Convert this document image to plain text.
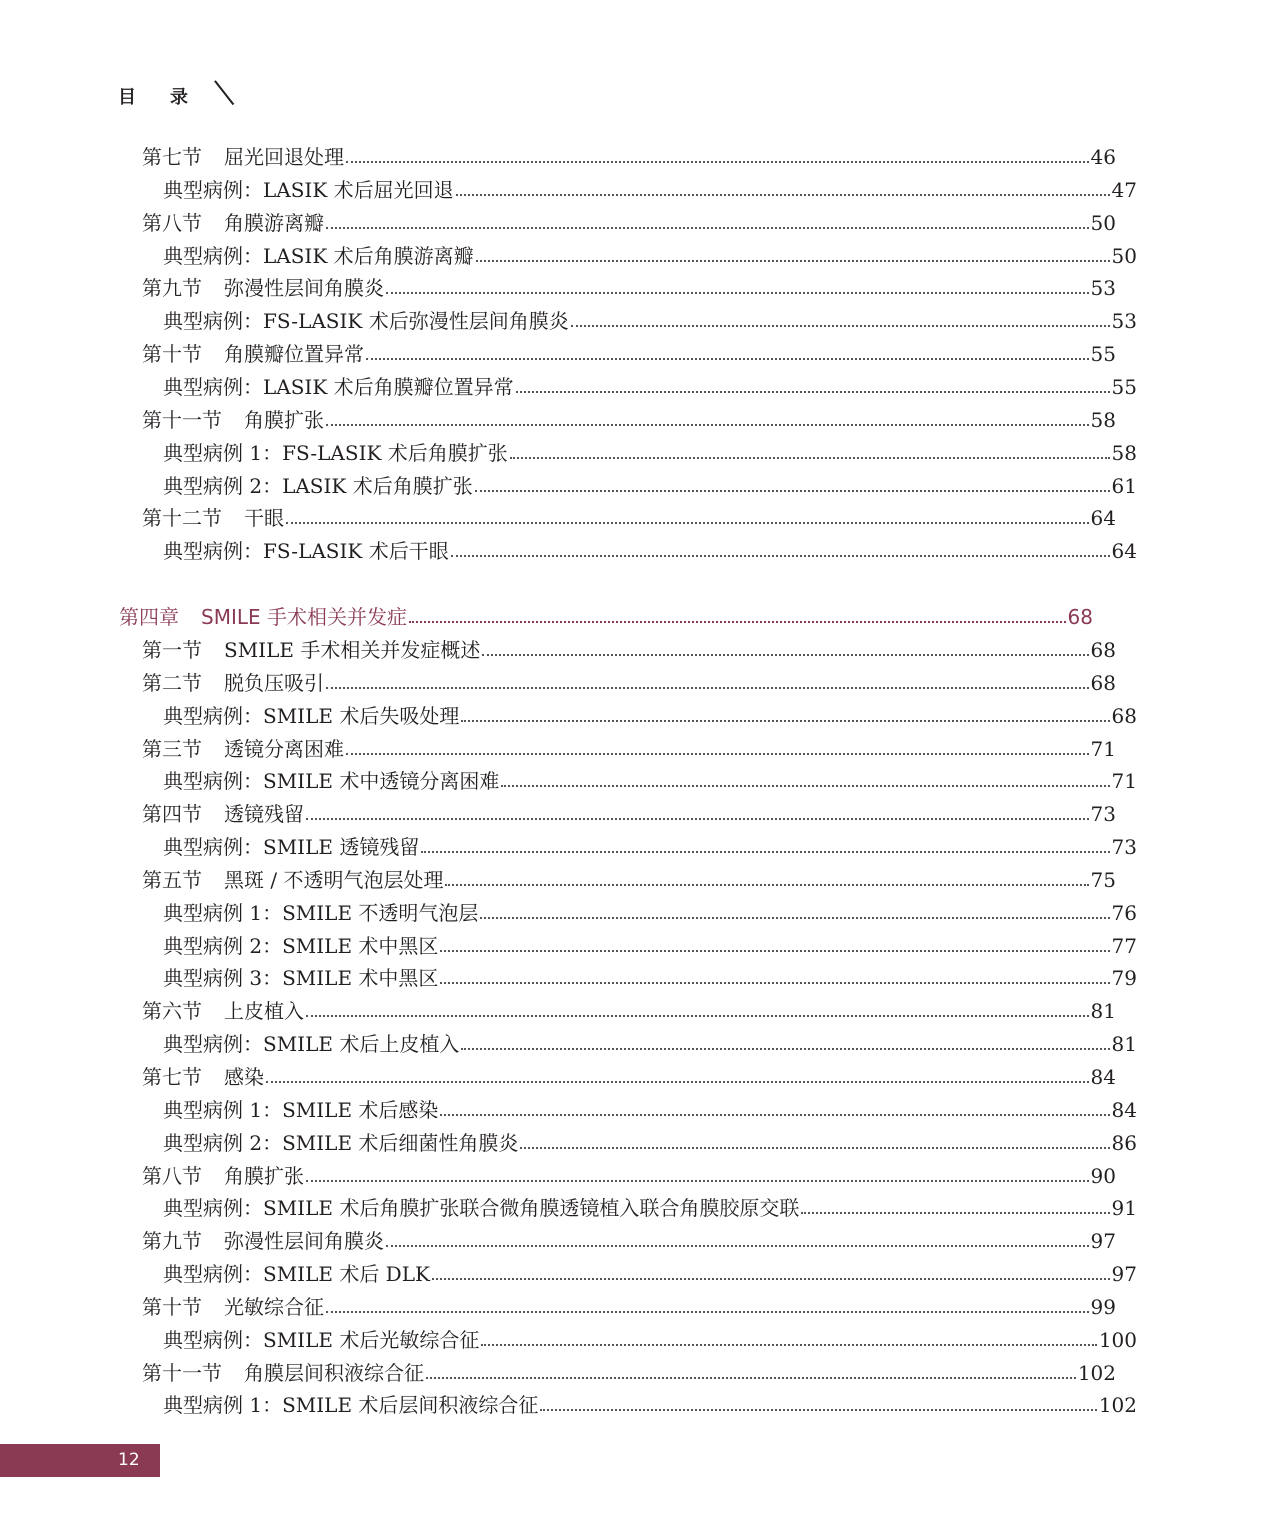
目 录
第七节 屈光回退处理	46
典型病例：LASIK 术后屈光回退	47
第八节 角膜游离瓣	50
典型病例：LASIK 术后角膜游离瓣	50
第九节 弥漫性层间角膜炎	53
典型病例：FS-LASIK 术后弥漫性层间角膜炎	53
第十节 角膜瓣位置异常	55
典型病例：LASIK 术后角膜瓣位置异常	55
第十一节 角膜扩张	58
典型病例 1：FS-LASIK 术后角膜扩张	58
典型病例 2：LASIK 术后角膜扩张	61
第十二节 干眼	64
典型病例：FS-LASIK 术后干眼	64
第四章 SMILE 手术相关并发症	68
第一节 SMILE 手术相关并发症概述	68
第二节 脱负压吸引	68
典型病例：SMILE 术后失吸处理	68
第三节 透镜分离困难	71
典型病例：SMILE 术中透镜分离困难	71
第四节 透镜残留	73
典型病例：SMILE 透镜残留	73
第五节 黑斑 / 不透明气泡层处理	75
典型病例 1：SMILE 不透明气泡层	76
典型病例 2：SMILE 术中黑区	77
典型病例 3：SMILE 术中黑区	79
第六节 上皮植入	81
典型病例：SMILE 术后上皮植入	81
第七节 感染	84
典型病例 1：SMILE 术后感染	84
典型病例 2：SMILE 术后细菌性角膜炎	86
第八节 角膜扩张	90
典型病例：SMILE 术后角膜扩张联合微角膜透镜植入联合角膜胶原交联	91
第九节 弥漫性层间角膜炎	97
典型病例：SMILE 术后 DLK	97
第十节 光敏综合征	99
典型病例：SMILE 术后光敏综合征	100
第十一节 角膜层间积液综合征	102
典型病例 1：SMILE 术后层间积液综合征	102
12
